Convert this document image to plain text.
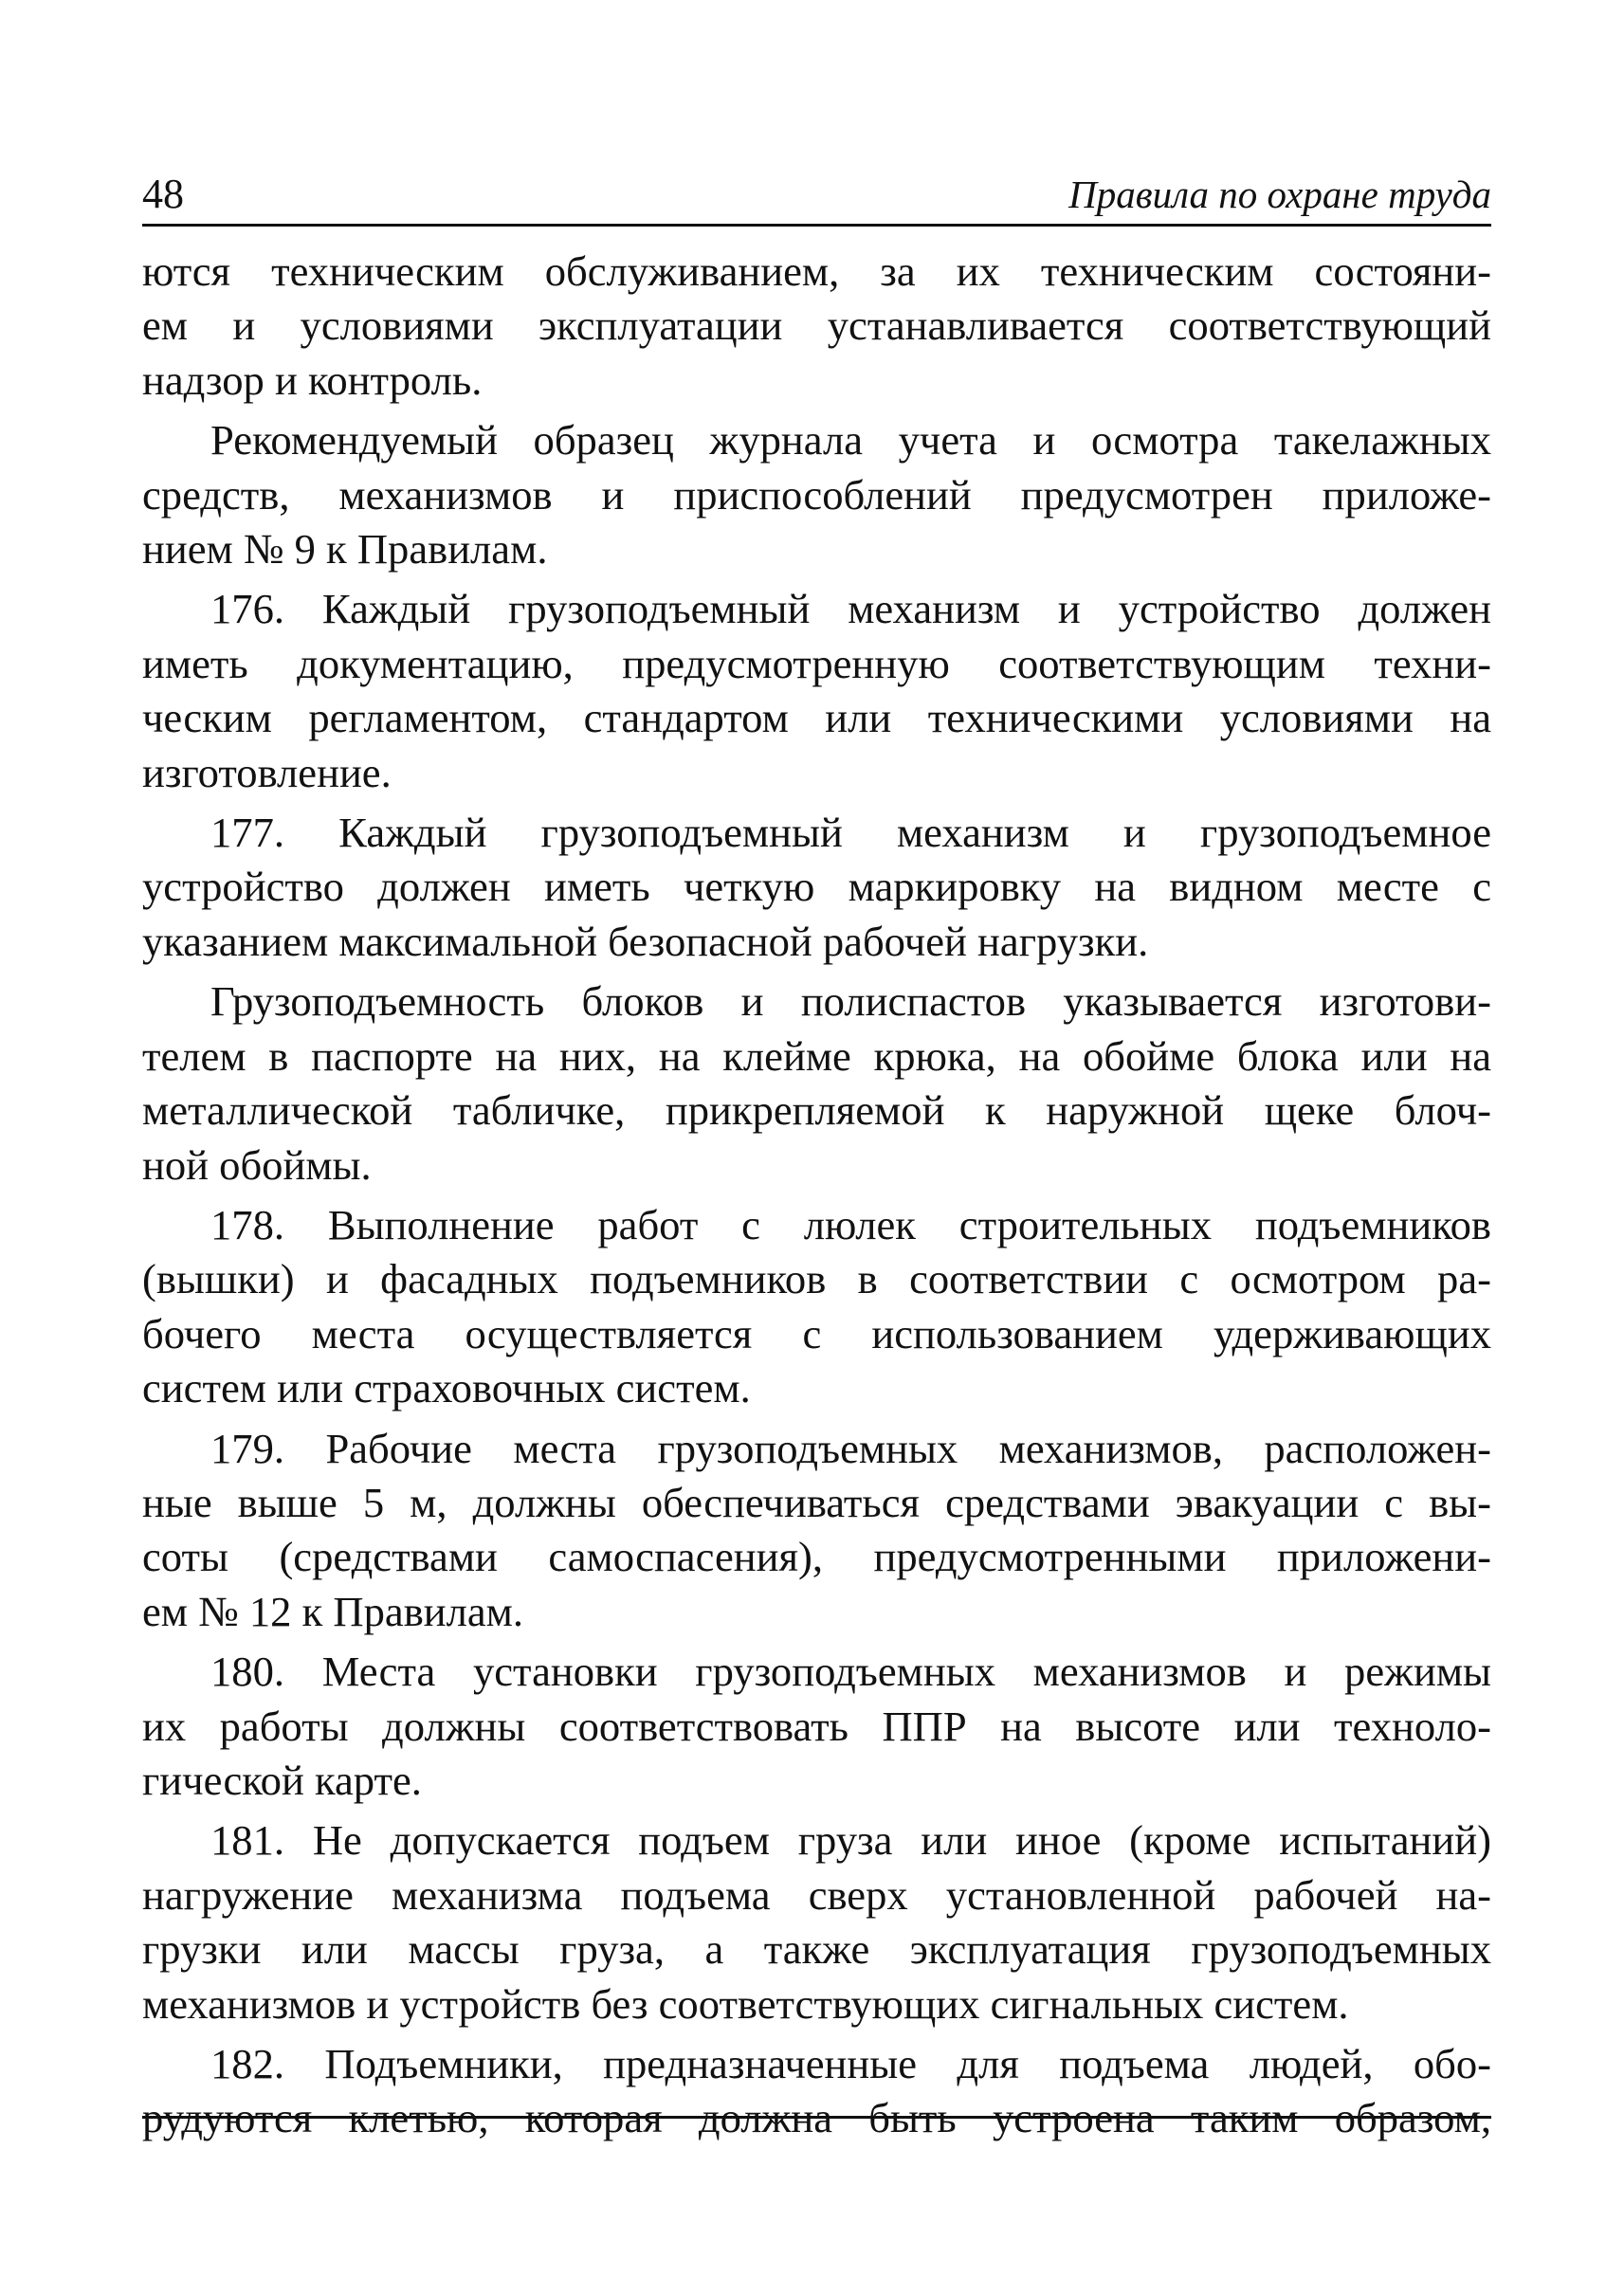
48	Правила по охране труда
ются техническим обслуживанием, за их техническим состояни-
ем и условиями эксплуатации устанавливается соответствующий
надзор и контроль.
Рекомендуемый образец журнала учета и осмотра такелажных
средств, механизмов и приспособлений предусмотрен приложе-
нием № 9 к Правилам.
176. Каждый грузоподъемный механизм и устройство должен
иметь документацию, предусмотренную соответствующим техни-
ческим регламентом, стандартом или техническими условиями на
изготовление.
177. Каждый грузоподъемный механизм и грузоподъемное
устройство должен иметь четкую маркировку на видном месте с
указанием максимальной безопасной рабочей нагрузки.
Грузоподъемность блоков и полиспастов указывается изготови-
телем в паспорте на них, на клейме крюка, на обойме блока или на
металлической табличке, прикрепляемой к наружной щеке блоч-
ной обоймы.
178. Выполнение работ с люлек строительных подъемников
(вышки) и фасадных подъемников в соответствии с осмотром ра-
бочего места осуществляется с использованием удерживающих
систем или страховочных систем.
179. Рабочие места грузоподъемных механизмов, расположен-
ные выше 5 м, должны обеспечиваться средствами эвакуации с вы-
соты (средствами самоспасения), предусмотренными приложени-
ем № 12 к Правилам.
180. Места установки грузоподъемных механизмов и режимы
их работы должны соответствовать ППР на высоте или техноло-
гической карте.
181. Не допускается подъем груза или иное (кроме испытаний)
нагружение механизма подъема сверх установленной рабочей на-
грузки или массы груза, а также эксплуатация грузоподъемных
механизмов и устройств без соответствующих сигнальных систем.
182. Подъемники, предназначенные для подъема людей, обо-
рудуются клетью, которая должна быть устроена таким образом,
